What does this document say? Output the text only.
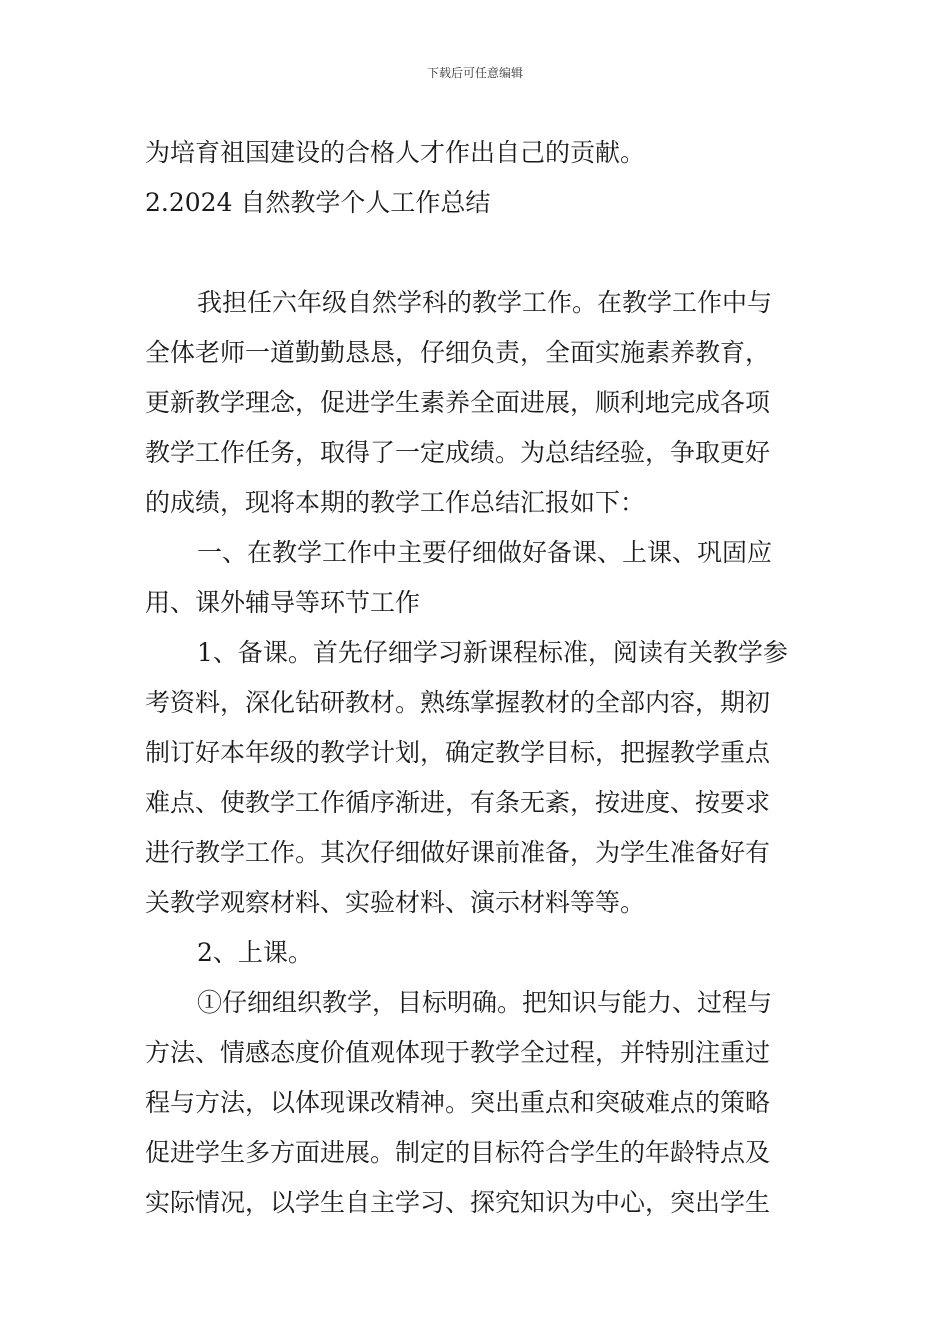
下载后可任意编辑
为培育祖国建设的合格人才作出自己的贡献。
2.2024 自然教学个人工作总结
我担任六年级自然学科的教学工作。在教学工作中与
全体老师一道勤勤恳恳，仔细负责，全面实施素养教育，
更新教学理念，促进学生素养全面进展，顺利地完成各项
教学工作任务，取得了一定成绩。为总结经验，争取更好
的成绩，现将本期的教学工作总结汇报如下：
一、在教学工作中主要仔细做好备课、上课、巩固应
用、课外辅导等环节工作
1、备课。首先仔细学习新课程标准，阅读有关教学参
考资料，深化钻研教材。熟练掌握教材的全部内容，期初
制订好本年级的教学计划，确定教学目标，把握教学重点
难点、使教学工作循序渐进，有条无紊，按进度、按要求
进行教学工作。其次仔细做好课前准备，为学生准备好有
关教学观察材料、实验材料、演示材料等等。
2、上课。
①仔细组织教学，目标明确。把知识与能力、过程与
方法、情感态度价值观体现于教学全过程，并特别注重过
程与方法，以体现课改精神。突出重点和突破难点的策略
促进学生多方面进展。制定的目标符合学生的年龄特点及
实际情况，以学生自主学习、探究知识为中心，突出学生
